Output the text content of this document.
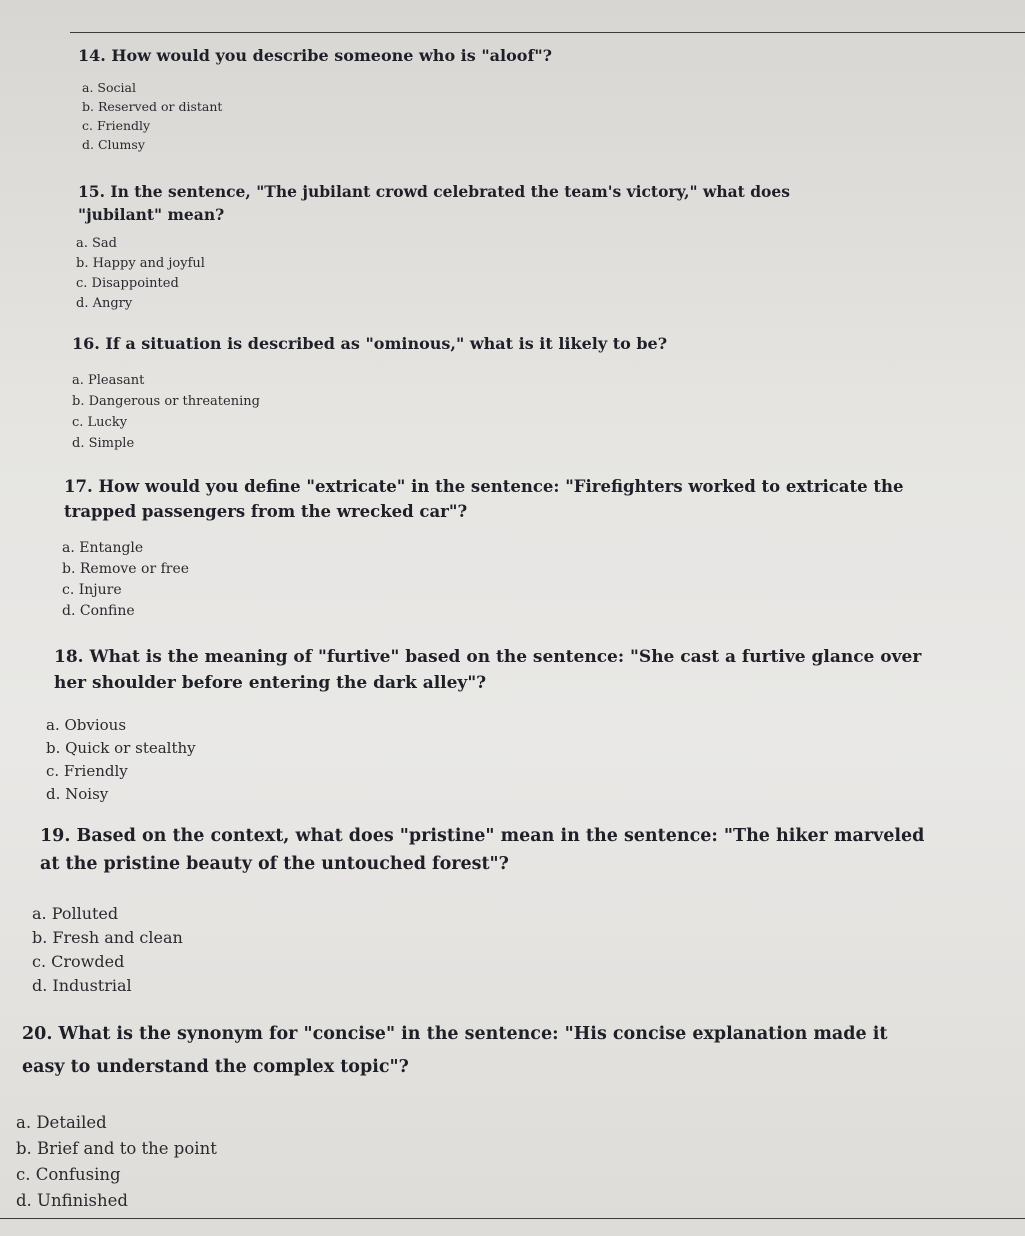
14. How would you describe someone who is "aloof"?
a. Social
b. Reserved or distant
c. Friendly
d. Clumsy
15. In the sentence, "The jubilant crowd celebrated the team's victory," what does
"jubilant" mean?
a. Sad
b. Happy and joyful
c. Disappointed
d. Angry
16. If a situation is described as "ominous," what is it likely to be?
a. Pleasant
b. Dangerous or threatening
c. Lucky
d. Simple
17. How would you define "extricate" in the sentence: "Firefighters worked to extricate the
trapped passengers from the wrecked car"?
a. Entangle
b. Remove or free
c. Injure
d. Confine
18. What is the meaning of "furtive" based on the sentence: "She cast a furtive glance over
her shoulder before entering the dark alley"?
a. Obvious
b. Quick or stealthy
c. Friendly
d. Noisy
19. Based on the context, what does "pristine" mean in the sentence: "The hiker marveled
at the pristine beauty of the untouched forest"?
a. Polluted
b. Fresh and clean
c. Crowded
d. Industrial
20. What is the synonym for "concise" in the sentence: "His concise explanation made it
easy to understand the complex topic"?
a. Detailed
b. Brief and to the point
c. Confusing
d. Unfinished
